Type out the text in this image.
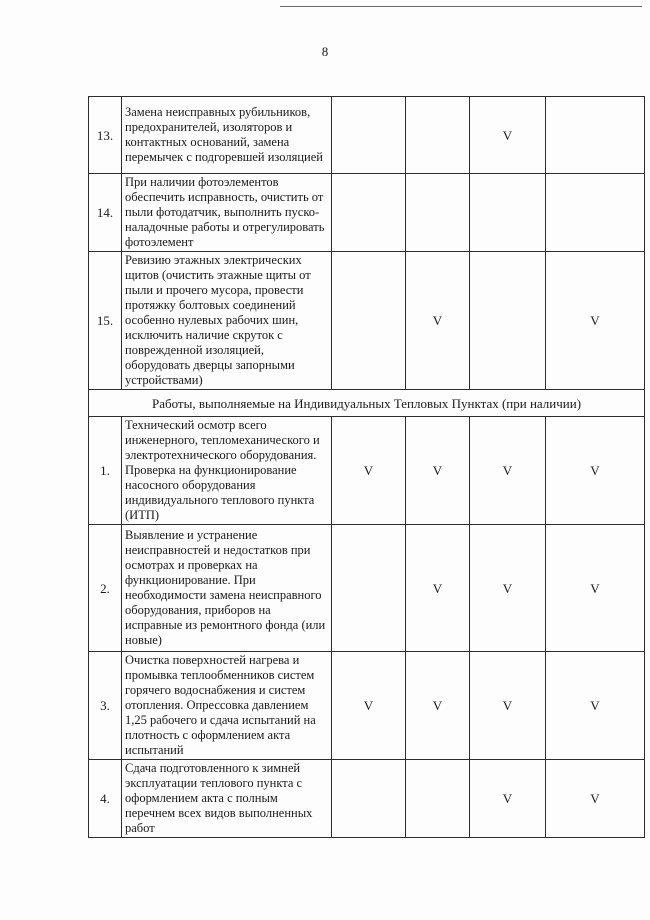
8
13.	Замена неисправных рубильников, предохранителей, изоляторов и контактных оснований, замена перемычек с подгоревшей изоляцией			V	
14.	При наличии фотоэлементов обеспечить исправность, очистить от пыли фотодатчик, выполнить пуско-наладочные работы и отрегулировать фотоэлемент				
15.	Ревизию этажных электрических щитов (очистить этажные щиты от пыли и прочего мусора, провести протяжку болтовых соединений особенно нулевых рабочих шин, исключить наличие скруток с поврежденной изоляцией, оборудовать дверцы запорными устройствами)		V		V
Работы, выполняемые на Индивидуальных Тепловых Пунктах (при наличии)					
1.	Технический осмотр всего инженерного, тепломеханического и электротехнического оборудования. Проверка на функционирование насосного оборудования индивидуального теплового пункта (ИТП)	V	V	V	V
2.	Выявление и устранение неисправностей и недостатков при осмотрах и проверках на функционирование. При необходимости замена неисправного оборудования, приборов на исправные из ремонтного фонда (или новые)		V	V	V
3.	Очистка поверхностей нагрева и промывка теплообменников систем горячего водоснабжения и систем отопления. Опрессовка давлением 1,25 рабочего и сдача испытаний на плотность с оформлением акта испытаний	V	V	V	V
4.	Сдача подготовленного к зимней эксплуатации теплового пункта с оформлением акта с полным перечнем всех видов выполненных работ			V	V
